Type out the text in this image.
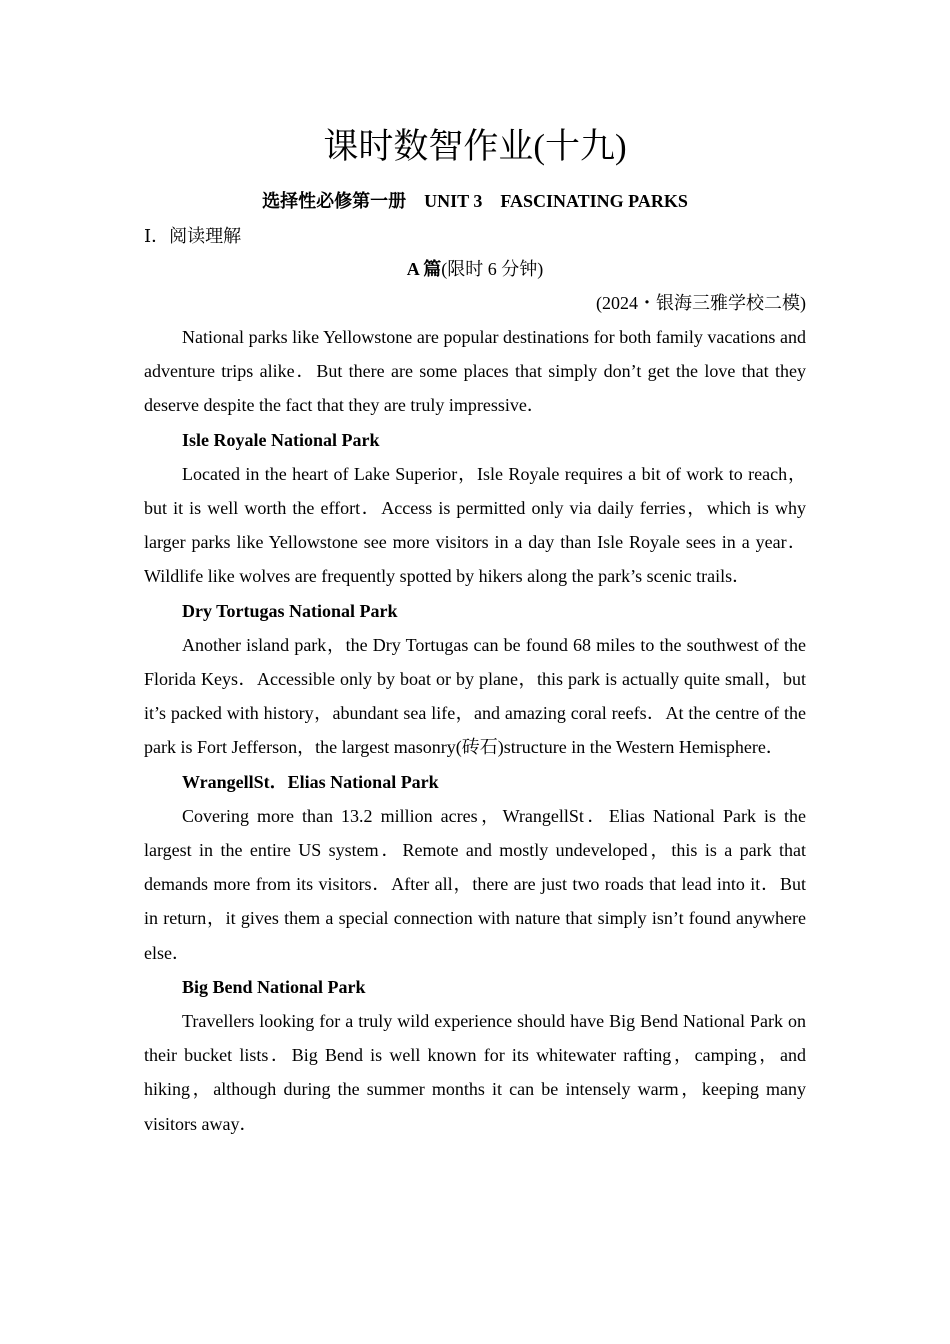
课时数智作业(十九)
选择性必修第一册　UNIT 3　FASCINATING PARKS
Ⅰ．阅读理解
A 篇(限时 6 分钟)
(2024・银海三雅学校二模)

National parks like Yellowstone are popular destinations for both family vacations and adventure trips alike．But there are some places that simply don’t get the love that they deserve despite the fact that they are truly impressive．

Isle Royale National Park

Located in the heart of Lake Superior，Isle Royale requires a bit of work to reach，but it is well worth the effort．Access is permitted only via daily ferries，which is why larger parks like Yellowstone see more visitors in a day than Isle Royale sees in a year．Wildlife like wolves are frequently spotted by hikers along the park’s scenic trails．

Dry Tortugas National Park

Another island park，the Dry Tortugas can be found 68 miles to the southwest of the Florida Keys．Accessible only by boat or by plane，this park is actually quite small，but it’s packed with history，abundant sea life，and amazing coral reefs．At the centre of the park is Fort Jefferson，the largest masonry(砖石)structure in the Western Hemisphere．

WrangellSt．Elias National Park

Covering more than 13.2 million acres，WrangellSt．Elias National Park is the largest in the entire US system．Remote and mostly undeveloped，this is a park that demands more from its visitors．After all，there are just two roads that lead into it．But in return，it gives them a special connection with nature that simply isn’t found anywhere else．

Big Bend National Park

Travellers looking for a truly wild experience should have Big Bend National Park on their bucket lists．Big Bend is well known for its whitewater rafting，camping，and hiking，although during the summer months it can be intensely warm，keeping many visitors away．
